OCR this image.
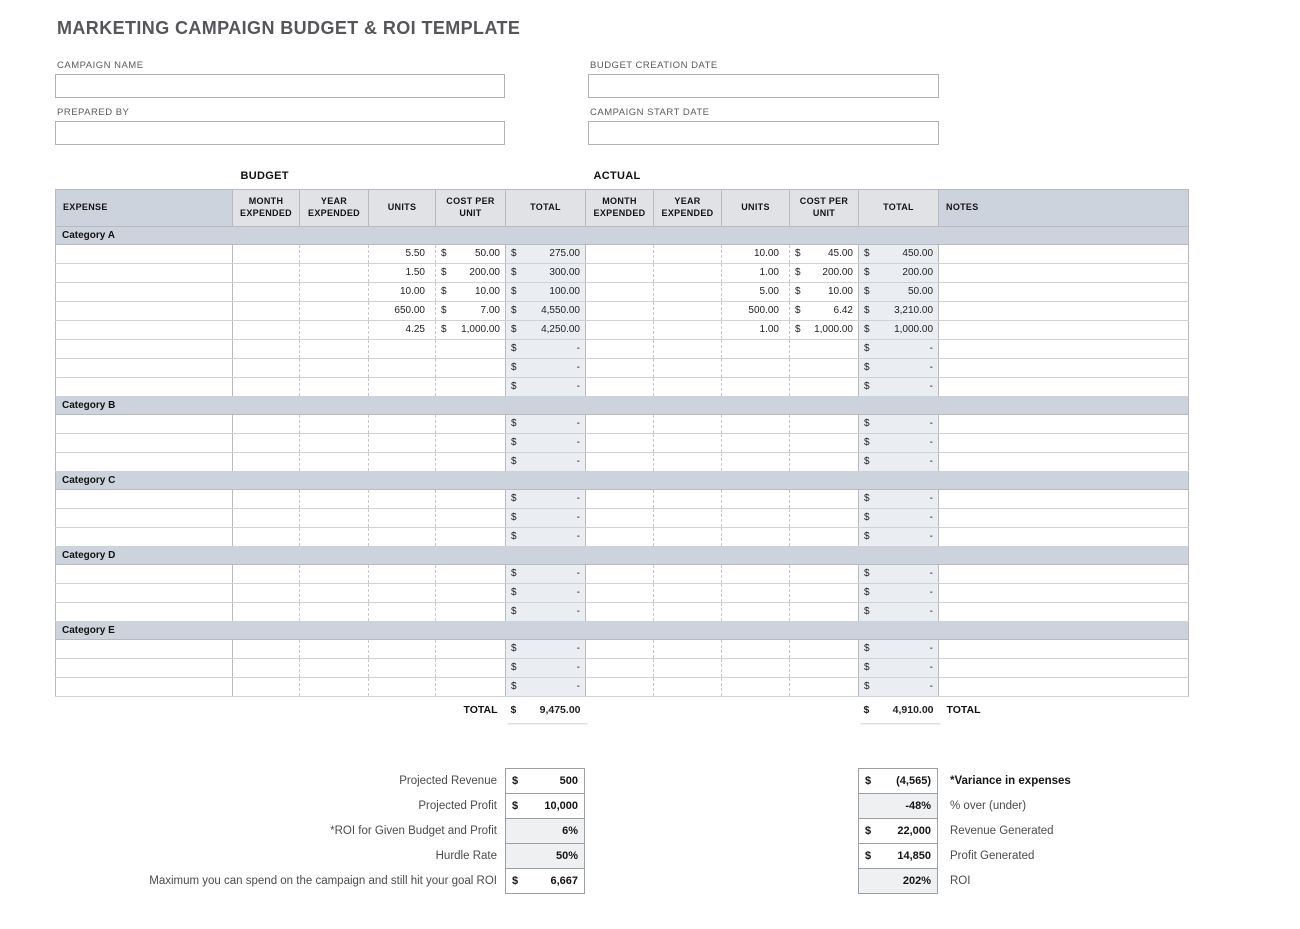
MARKETING CAMPAIGN BUDGET & ROI TEMPLATE
CAMPAIGN NAME	BUDGET CREATION DATE
PREPARED BY	CAMPAIGN START DATE
	BUDGET					ACTUAL					
EXPENSE	MONTH EXPENDED	YEAR EXPENDED	UNITS	COST PER UNIT	TOTAL	MONTH EXPENDED	YEAR EXPENDED	UNITS	COST PER UNIT	TOTAL	NOTES
Category A											
			5.50	$ 50.00	$ 275.00			10.00	$ 45.00	$ 450.00	

			1.50	$ 200.00	$ 300.00			1.00	$ 200.00	$ 200.00	

			10.00	$ 10.00	$ 100.00			5.00	$ 10.00	$ 50.00	

			650.00	$ 7.00	$ 4,550.00			500.00	$ 6.42	$ 3,210.00	

			4.25	$ 1,000.00	$ 4,250.00			1.00	$ 1,000.00	$ 1,000.00	

					$ -					$ -	

					$ -					$ -	

					$ -					$ -	

Category B											

					$ -					$ -	

					$ -					$ -	

					$ -					$ -	

Category C											

					$ -					$ -	

					$ -					$ -	

					$ -					$ -	

Category D											

					$ -					$ -	

					$ -					$ -	

					$ -					$ -	

Category E											

					$ -					$ -	

					$ -					$ -	

					$ -					$ -	

TOTAL					$ 9,475.00					$ 4,910.00	TOTAL
Projected Revenue $	500
Projected Profit $ 10,000
*ROI for Given Budget and Profit	6%
Hurdle Rate	50%
Maximum you can spend on the campaign and still hit your goal ROI $	6,667
$ (4,565) *Variance in expenses
-48% % over (under)
$ 22,000 Revenue Generated
$ 14,850 Profit Generated
202% ROI
